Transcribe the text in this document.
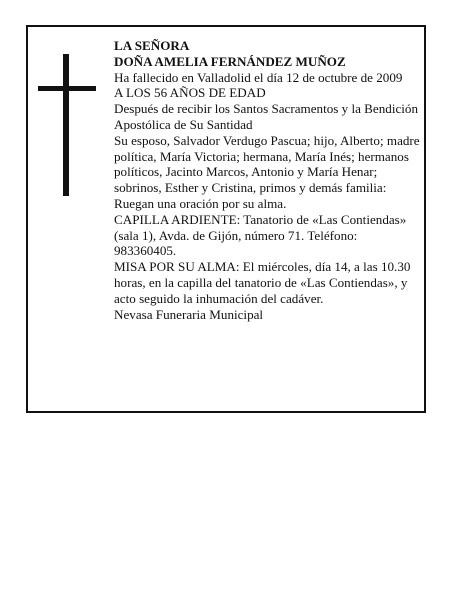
LA SEÑORA

DOÑA AMELIA FERNÁNDEZ MUÑOZ

Ha fallecido en Valladolid el día 12 de octubre de 2009

A LOS 56 AÑOS DE EDAD

Después de recibir los Santos Sacramentos y la Bendición Apostólica de Su Santidad

Su esposo, Salvador Verdugo Pascua; hijo, Alberto; madre política, María Victoria; hermana, María Inés; hermanos políticos, Jacinto Marcos, Antonio y María Henar; sobrinos, Esther y Cristina, primos y demás familia:

Ruegan una oración por su alma.

CAPILLA ARDIENTE: Tanatorio de «Las Contiendas» (sala 1), Avda. de Gijón, número 71. Teléfono: 983360405.

MISA POR SU ALMA: El miércoles, día 14, a las 10.30 horas, en la capilla del tanatorio de «Las Contiendas», y acto seguido la inhumación del cadáver.

Nevasa Funeraria Municipal
